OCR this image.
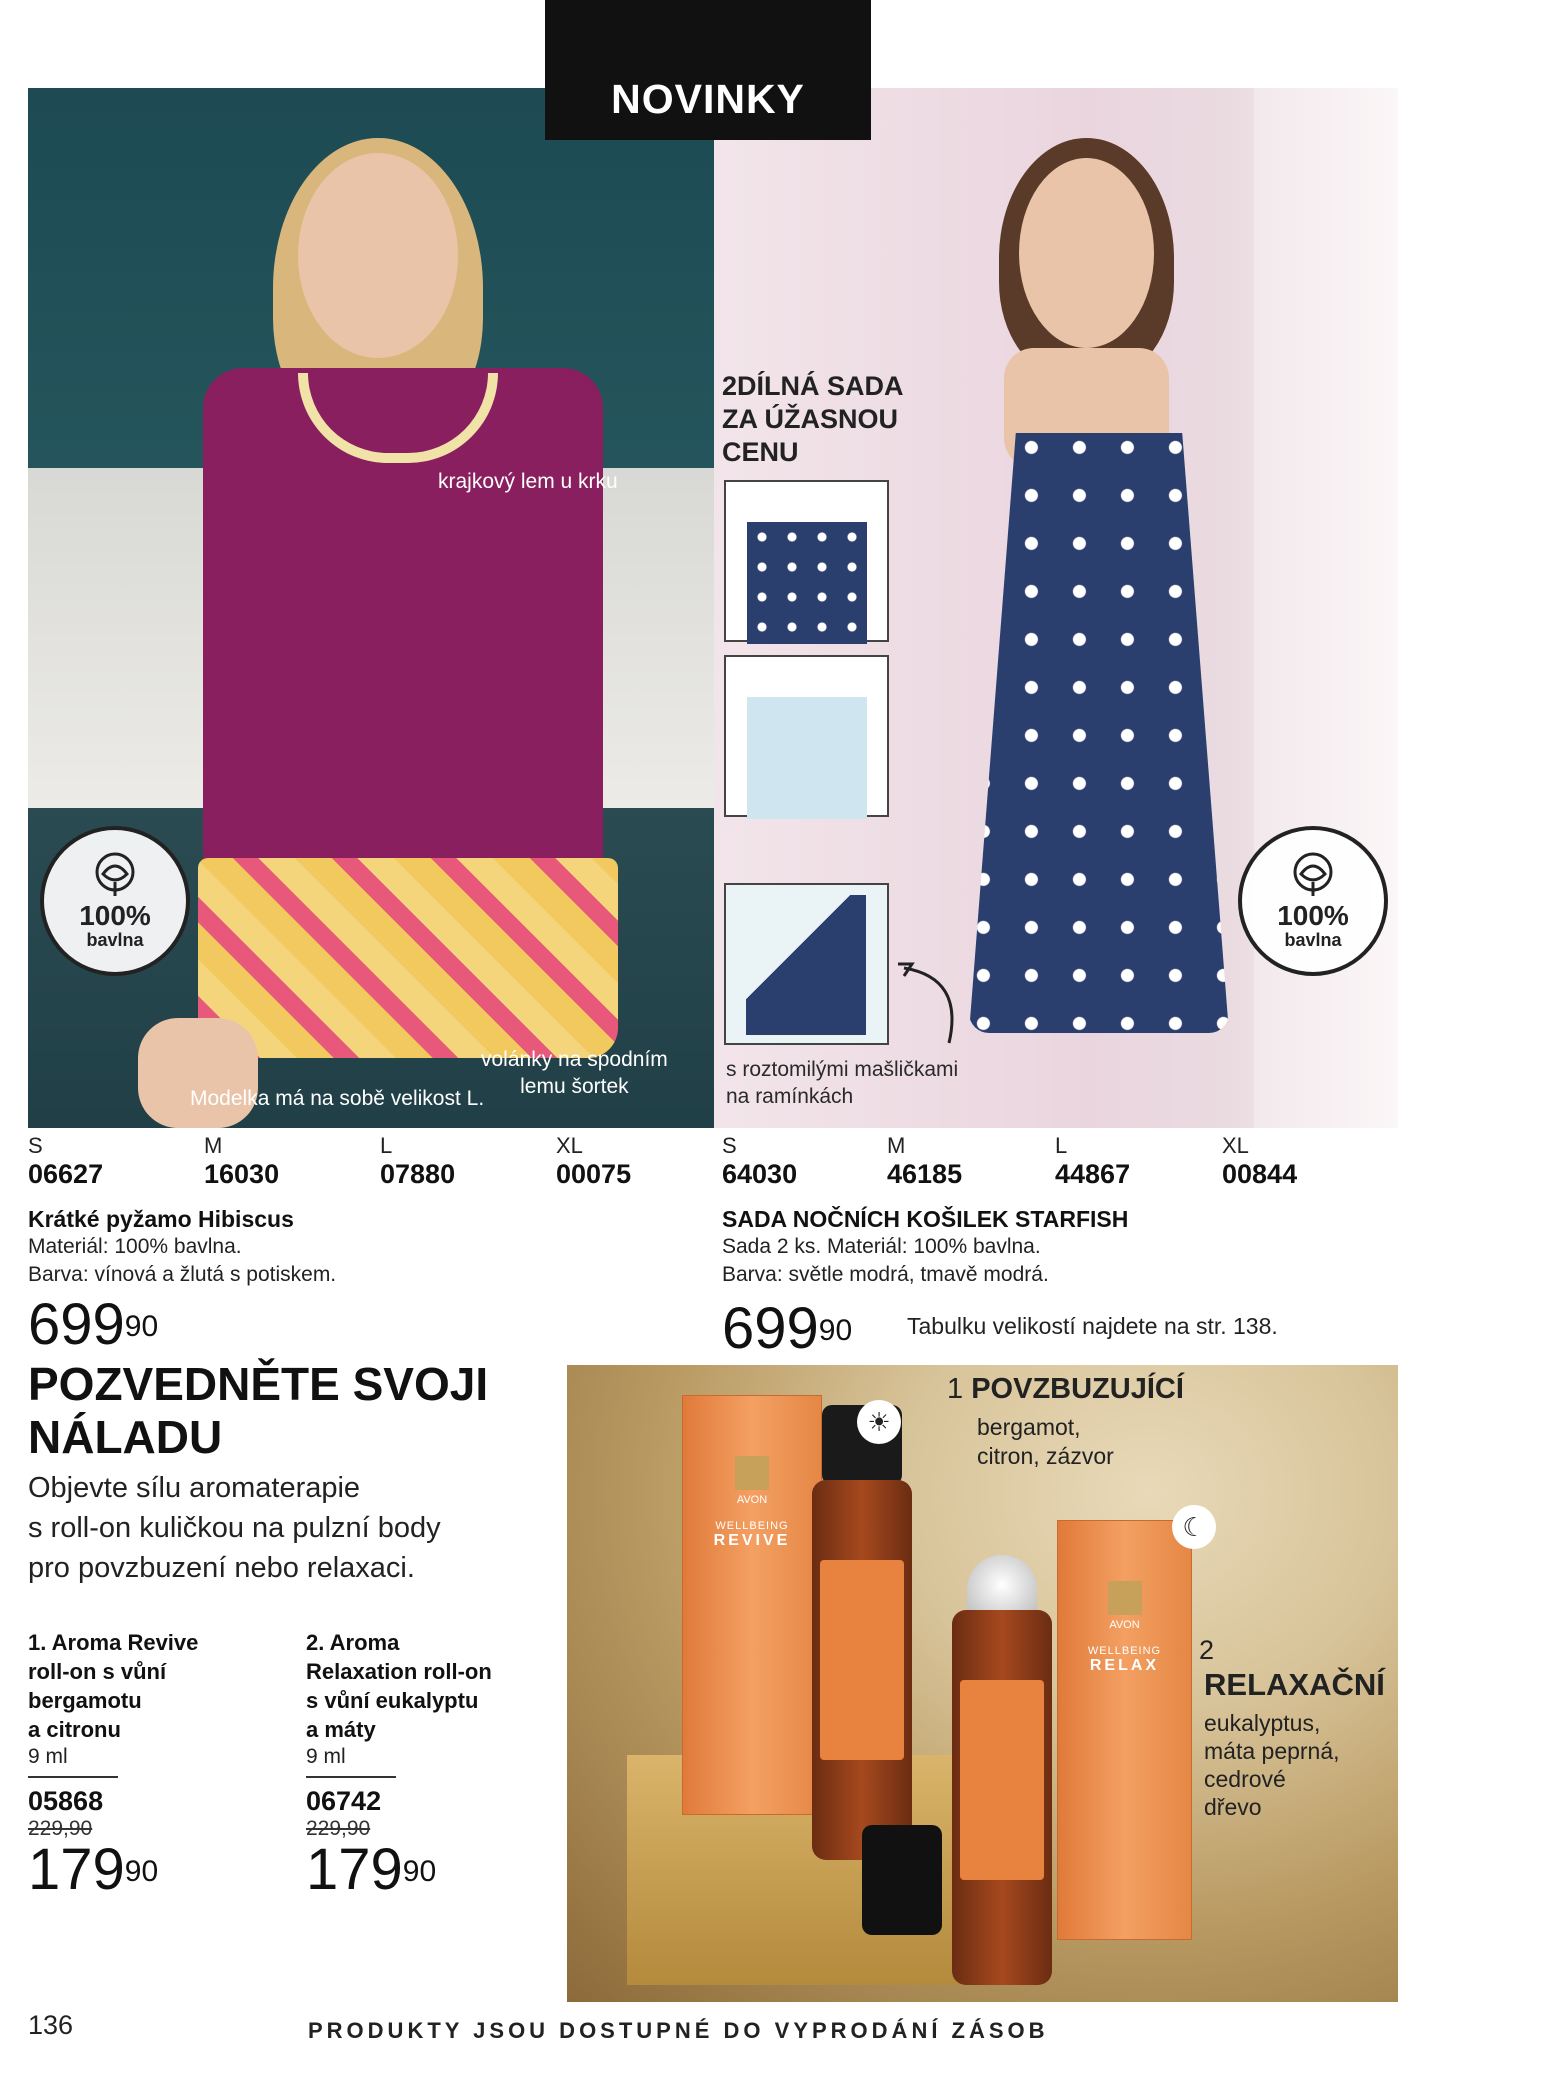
NOVINKY
krajkový lem u krku
volánky na spodním
lemu šortek
Modelka má na sobě velikost L.
100%
bavlna
2DÍLNÁ SADA
ZA ÚŽASNOU
CENU
s roztomilými mašličkami
na ramínkách
100%
bavlna
S
06627
M
16030
L
07880
XL
00075
Krátké pyžamo Hibiscus
Materiál: 100% bavlna.
Barva: vínová a žlutá s potiskem.
$699^{90}$
S
64030
M
46185
L
44867
XL
00844
SADA NOČNÍCH KOŠILEK STARFISH
Sada 2 ks. Materiál: 100% bavlna.
Barva: světle modrá, tmavě modrá.
$699^{90}$ Tabulku velikostí najdete na str. 138.
POZVEDNĚTE SVOJI
NÁLADU
Objevte sílu aromaterapie
s roll-on kuličkou na pulzní body
pro povzbuzení nebo relaxaci.
1. Aroma Revive
roll-on s vůní
bergamotu
a citronu
9 ml
05868
229,90
$179^{90}$
2. Aroma
Relaxation roll-on
s vůní eukalyptu
a máty
9 ml
06742
229,90
$179^{90}$
AVON
WELLBEING
REVIVE
AVON
WELLBEING
RELAX
☀
☾
1 POVZBUZUJÍCÍ
bergamot,
citron, zázvor
2
RELAXAČNÍ
eukalyptus,
máta peprná,
cedrové
dřevo
136	PRODUKTY JSOU DOSTUPNÉ DO VYPRODÁNÍ ZÁSOB
